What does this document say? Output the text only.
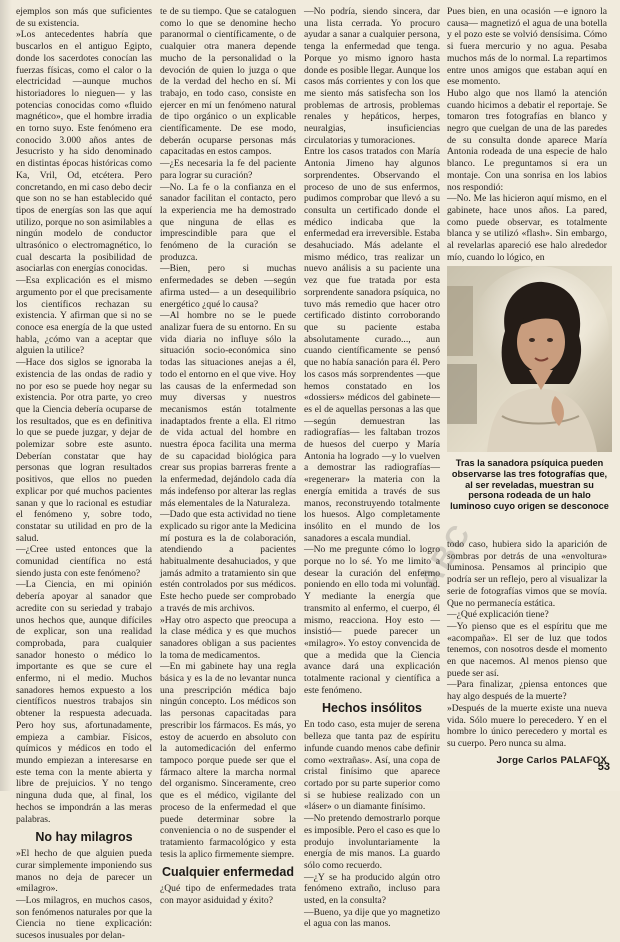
ejemplos son más que suficientes de su existencia.

»Los antecedentes habría que buscarlos en el antiguo Egipto, donde los sacerdotes conocían las fuerzas físicas, como el calor o la electricidad —aunque muchos historiadores lo nieguen— y las potencias conocidas como «fluido magnético», que el hombre irradia en torno suyo. Este fenómeno era conocido 3.000 años antes de Jesucristo y ha sido denominado en distintas épocas históricas como Ka, Vril, Od, etcétera. Pero concretando, en mi caso debo decir que son no se han establecido qué tipos de energías son las que aquí utilizo, porque no son asimilables a ningún modelo de conductor ultrasónico o electromagnético, lo cual descarta la posibilidad de asociarlas con energías conocidas.

—Esa explicación es el mismo argumento por el que precisamente los científicos rechazan su existencia. Y afirman que si no se conoce esa energía de la que usted habla, ¿cómo van a aceptar que alguien la utilice?

—Hace dos siglos se ignoraba la existencia de las ondas de radio y no por eso se puede hoy negar su existencia. Por otra parte, yo creo que la Ciencia debería ocuparse de los resultados, que es en definitiva lo que se puede juzgar, y dejar de polemizar sobre este asunto. Deberían constatar que hay personas que logran resultados positivos, que ellos no pueden explicar por qué muchos pacientes sanan y que lo racional es estudiar el fenómeno y, sobre todo, constatar su utilidad en pro de la salud.

—¿Cree usted entonces que la comunidad científica no está siendo justa con este fenómeno?

—La Ciencia, en mi opinión debería apoyar al sanador que acredite con su seriedad y trabajo unos hechos que, aunque difíciles de explicar, son una realidad comprobada, para cualquier sanador honesto o médico lo importante es que se cure el enfermo, ni el medio. Muchos sanadores hemos expuesto a los científicos nuestros trabajos sin obtener la respuesta adecuada. Pero hoy sus, afortunadamente, empieza a cambiar. Físicos, químicos y médicos en todo el mundo empiezan a interesarse en este tema con la mente abierta y libre de prejuicios. Y no tengo ninguna duda que, al final, los hechos se impondrán a las meras palabras.

No hay milagros

»El hecho de que alguien pueda curar simplemente imponiendo sus manos no deja de parecer un «milagro».

—Los milagros, en muchos casos, son fenómenos naturales por que la Ciencia no tiene explicación: sucesos inusuales por delan-

te de su tiempo. Que se cataloguen como lo que se denomine hecho paranormal o científicamente, o de cualquier otra manera depende mucho de la personalidad o la devoción de quien lo juzga o que de la verdad del hecho en sí. Mi trabajo, en todo caso, consiste en ejercer en mí un fenómeno natural de tipo orgánico o un explicable científicamente. De ese modo, deberán ocuparse personas más capacitadas en estos campos.

—¿Es necesaria la fe del paciente para lograr su curación?

—No. La fe o la confianza en el sanador facilitan el contacto, pero la experiencia me ha demostrado que ninguna de ellas es imprescindible para que el fenómeno de la curación se produzca.

—Bien, pero si muchas enfermedades se deben —según afirma usted— a un desequilibrio energético ¿qué lo causa?

—Al hombre no se le puede analizar fuera de su entorno. En su vida diaria no influye sólo la situación socio-económica sino todas las situaciones anejas a él, todo el entorno en el que vive. Hoy las causas de la enfermedad son muy diversas y nuestros mecanismos están totalmente inadaptados frente a ella. El ritmo de vida actual del hombre en nuestra época facilita una merma de su capacidad biológica para crear sus propias barreras frente a la enfermedad, dejándolo cada día más indefenso por alterar las reglas más elementales de la Naturaleza.

—Dado que esta actividad no tiene explicado su rigor ante la Medicina mí postura es la de colaboración, atendiendo a pacientes habitualmente desahuciados, y que jamás admito a tratamiento sin que estén controlados por sus médicos. Este hecho puede ser comprobado a través de mis archivos.

»Hay otro aspecto que preocupa a la clase médica y es que muchos sanadores obligan a sus pacientes la toma de medicamentos.

—En mi gabinete hay una regla básica y es la de no levantar nunca una prescripción médica bajo ningún concepto. Los médicos son las personas capacitadas para prescribir los fármacos. Es más, yo estoy de acuerdo en absoluto con la automedicación del enfermo tampoco porque puede ser que el fármaco altere la marcha normal del organismo. Sinceramente, creo que es el médico, vigilante del proceso de la enfermedad el que puede determinar sobre la conveniencia o no de suspender el tratamiento farmacológico y esta tesis la aplico firmemente siempre.

Cualquier enfermedad

¿Qué tipo de enfermedades trata con mayor asiduidad y éxito?

—No podría, siendo sincera, dar una lista cerrada. Yo procuro ayudar a sanar a cualquier persona, tenga la enfermedad que tenga. Porque yo mismo ignoro hasta donde es posible llegar. Aunque los casos más corrientes y con los que me siento más satisfecha son los problemas de artrosis, problemas renales y hepáticos, herpes, neuralgias, insuficiencias circulatorias y tumoraciones.

Entre los casos tratados con María Antonia Jimeno hay algunos sorprendentes. Observando el proceso de uno de sus enfermos, pudimos comprobar que llevó a su consulta un certificado donde el médico indicaba que la enfermedad era irreversible. Estaba desahuciado. Más adelante el mismo médico, tras realizar un nuevo análisis a su paciente una vez que fue tratada por esta sorprendente sanadora psíquica, no tuvo más remedio que hacer otro certificado distinto corroborando que su paciente estaba absolutamente curado..., aun cuando científicamente se pensó que no había sanación para él. Pero los casos más sorprendentes —que hemos constatado en los «dossiers» médicos del gabinete— es el de aquellas personas a las que —según demuestran las radiografías— les faltaban trozos de huesos del cuerpo y María Antonia ha logrado —y lo vuelven a demostrar las radiografías— «regenerar» la materia con la energía emitida a través de sus manos, reconstruyendo totalmente los huesos. Algo completamente insólito en el mundo de los sanadores a escala mundial.

—No me pregunte cómo lo logro porque no lo sé. Yo me limito a desear la curación del enfermo poniendo en ello toda mi voluntad. Y mediante la energía que transmito al enfermo, el cuerpo, él mismo, reacciona. Hoy esto —insistió— puede parecer un «milagro». Yo estoy convencida de que a medida que la Ciencia avance dará una explicación totalmente racional y científica a este fenómeno.

Hechos insólitos

En todo caso, esta mujer de serena belleza que tanta paz de espíritu infunde cuando menos cabe definir como «extrañas». Así, una copa de cristal finísimo que aparece cortado por su parte superior como si se hubiese realizado con un «láser» o un diamante finísimo.

—No pretendo demostrarlo porque es imposible. Pero el caso es que lo produjo involuntariamente la energía de mis manos. La guardo sólo como recuerdo.

—¿Y se ha producido algún otro fenómeno extraño, incluso para usted, en la consulta?

—Bueno, ya dije que yo magnetizo el agua con las manos.

Pues bien, en una ocasión —e ignoro la causa— magnetizó el agua de una botella y el pozo este se volvió densísima. Cómo si fuera mercurio y no agua. Pesaba muchos más de lo normal. La repartimos entre unos amigos que estaban aquí en ese momento.

Hubo algo que nos llamó la atención cuando hicimos a debatir el reportaje. Se tomaron tres fotografías en blanco y negro que cuelgan de una de las paredes de su consulta donde aparece María Antonia rodeada de una especie de halo blanco. Le preguntamos si era un montaje. Con una sonrisa en los labios nos respondió:

—No. Me las hicieron aquí mismo, en el gabinete, hace unos años. La pared, como puede observar, es totalmente blanca y se utilizó «flash». Sin embargo, al revelarlas apareció ese halo alrededor mío, cuando lo lógico, en

Tras la sanadora psíquica pueden observarse las tres fotografías que, al ser reveladas, muestran su persona rodeada de un halo luminoso cuyo origen se desconoce

todo caso, hubiera sido la aparición de sombras por detrás de una «envoltura» luminosa. Pensamos al principio que podría ser un reflejo, pero al visualizar la serie de fotografías vimos que se movía. Que no permanecía estática.

—¿Qué explicación tiene?

—Yo pienso que es el espíritu que me «acompaña». El ser de luz que todos tenemos, con nosotros desde el momento en que nacemos. Al menos pienso que puede ser así.

—Para finalizar, ¿piensa entonces que hay algo después de la muerte?

»Después de la muerte existe una nueva vida. Sólo muere lo perecedero. Y en el hombre lo único perecedero y mortal es su cuerpo. Pero nunca su alma.

Jorge Carlos PALAFOX

ABC
53
